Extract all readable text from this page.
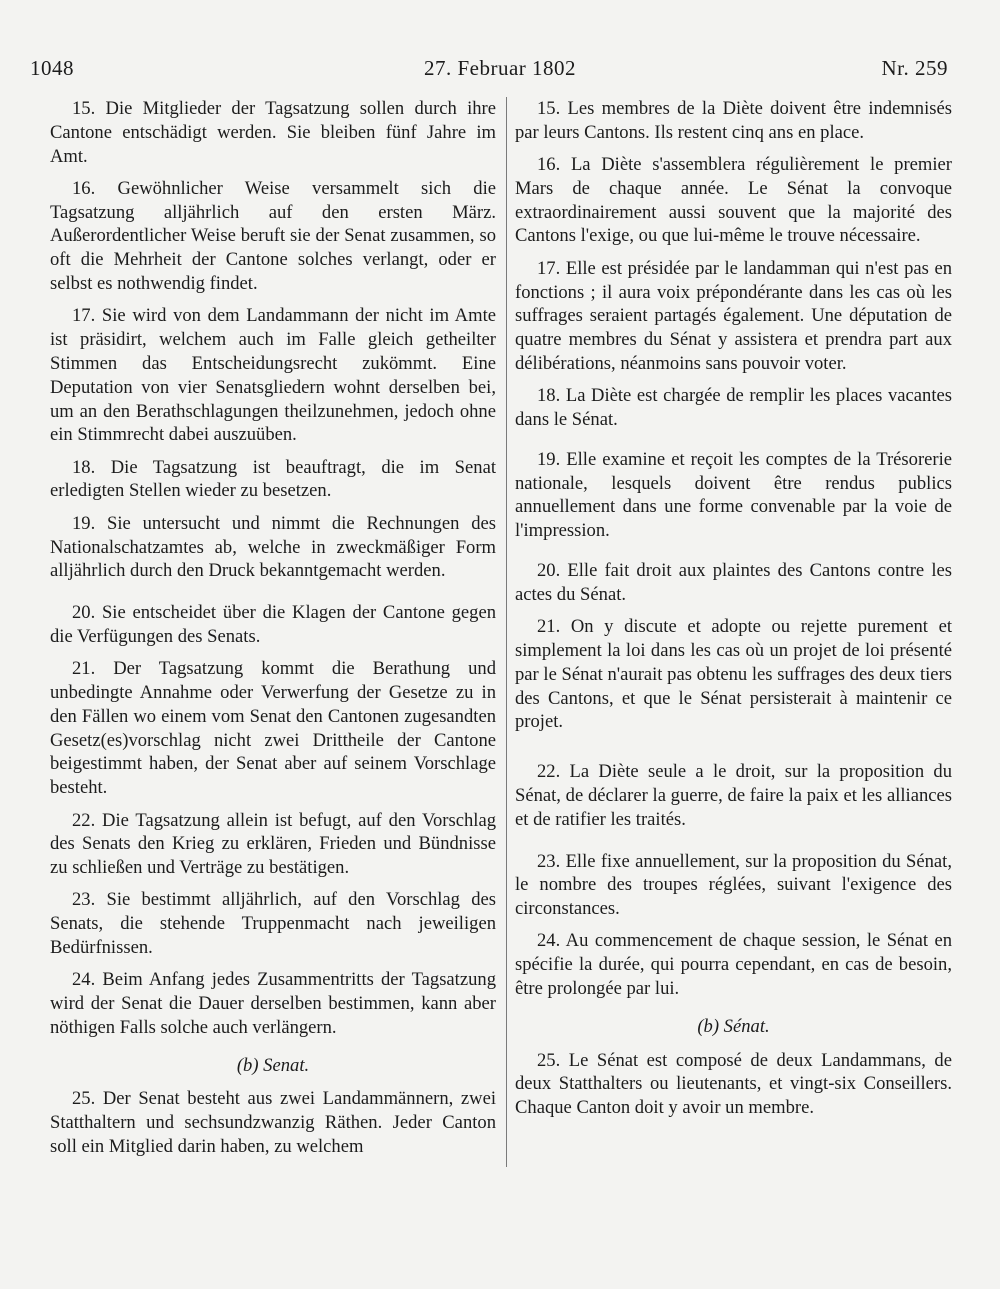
1048	27. Februar 1802	Nr. 259

15. Die Mitglieder der Tagsatzung sollen durch ihre Cantone entschädigt werden. Sie bleiben fünf Jahre im Amt.

16. Gewöhnlicher Weise versammelt sich die Tagsatzung alljährlich auf den ersten März. Außerordentlicher Weise beruft sie der Senat zusammen, so oft die Mehrheit der Cantone solches verlangt, oder er selbst es nothwendig findet.

17. Sie wird von dem Landammann der nicht im Amte ist präsidirt, welchem auch im Falle gleich getheilter Stimmen das Entscheidungsrecht zukömmt. Eine Deputation von vier Senatsgliedern wohnt derselben bei, um an den Berathschlagungen theilzunehmen, jedoch ohne ein Stimmrecht dabei auszuüben.

18. Die Tagsatzung ist beauftragt, die im Senat erledigten Stellen wieder zu besetzen.

19. Sie untersucht und nimmt die Rechnungen des Nationalschatzamtes ab, welche in zweckmäßiger Form alljährlich durch den Druck bekanntgemacht werden.

20. Sie entscheidet über die Klagen der Cantone gegen die Verfügungen des Senats.

21. Der Tagsatzung kommt die Berathung und unbedingte Annahme oder Verwerfung der Gesetze zu in den Fällen wo einem vom Senat den Cantonen zugesandten Gesetz(es)vorschlag nicht zwei Drittheile der Cantone beigestimmt haben, der Senat aber auf seinem Vorschlage besteht.

22. Die Tagsatzung allein ist befugt, auf den Vorschlag des Senats den Krieg zu erklären, Frieden und Bündnisse zu schließen und Verträge zu bestätigen.

23. Sie bestimmt alljährlich, auf den Vorschlag des Senats, die stehende Truppenmacht nach jeweiligen Bedürfnissen.

24. Beim Anfang jedes Zusammentritts der Tagsatzung wird der Senat die Dauer derselben bestimmen, kann aber nöthigen Falls solche auch verlängern.

(b) Senat.

25. Der Senat besteht aus zwei Landammännern, zwei Statthaltern und sechsundzwanzig Räthen. Jeder Canton soll ein Mitglied darin haben, zu welchem

15. Les membres de la Diète doivent être indemnisés par leurs Cantons. Ils restent cinq ans en place.

16. La Diète s'assemblera régulièrement le premier Mars de chaque année. Le Sénat la convoque extraordinairement aussi souvent que la majorité des Cantons l'exige, ou que lui-même le trouve nécessaire.

17. Elle est présidée par le landamman qui n'est pas en fonctions ; il aura voix prépondérante dans les cas où les suffrages seraient partagés également. Une députation de quatre membres du Sénat y assistera et prendra part aux délibérations, néanmoins sans pouvoir voter.

18. La Diète est chargée de remplir les places vacantes dans le Sénat.

19. Elle examine et reçoit les comptes de la Trésorerie nationale, lesquels doivent être rendus publics annuellement dans une forme convenable par la voie de l'impression.

20. Elle fait droit aux plaintes des Cantons contre les actes du Sénat.

21. On y discute et adopte ou rejette purement et simplement la loi dans les cas où un projet de loi présenté par le Sénat n'aurait pas obtenu les suffrages des deux tiers des Cantons, et que le Sénat persisterait à maintenir ce projet.

22. La Diète seule a le droit, sur la proposition du Sénat, de déclarer la guerre, de faire la paix et les alliances et de ratifier les traités.

23. Elle fixe annuellement, sur la proposition du Sénat, le nombre des troupes réglées, suivant l'exigence des circonstances.

24. Au commencement de chaque session, le Sénat en spécifie la durée, qui pourra cependant, en cas de besoin, être prolongée par lui.

(b) Sénat.

25. Le Sénat est composé de deux Landammans, de deux Statthalters ou lieutenants, et vingt-six Conseillers. Chaque Canton doit y avoir un membre.
